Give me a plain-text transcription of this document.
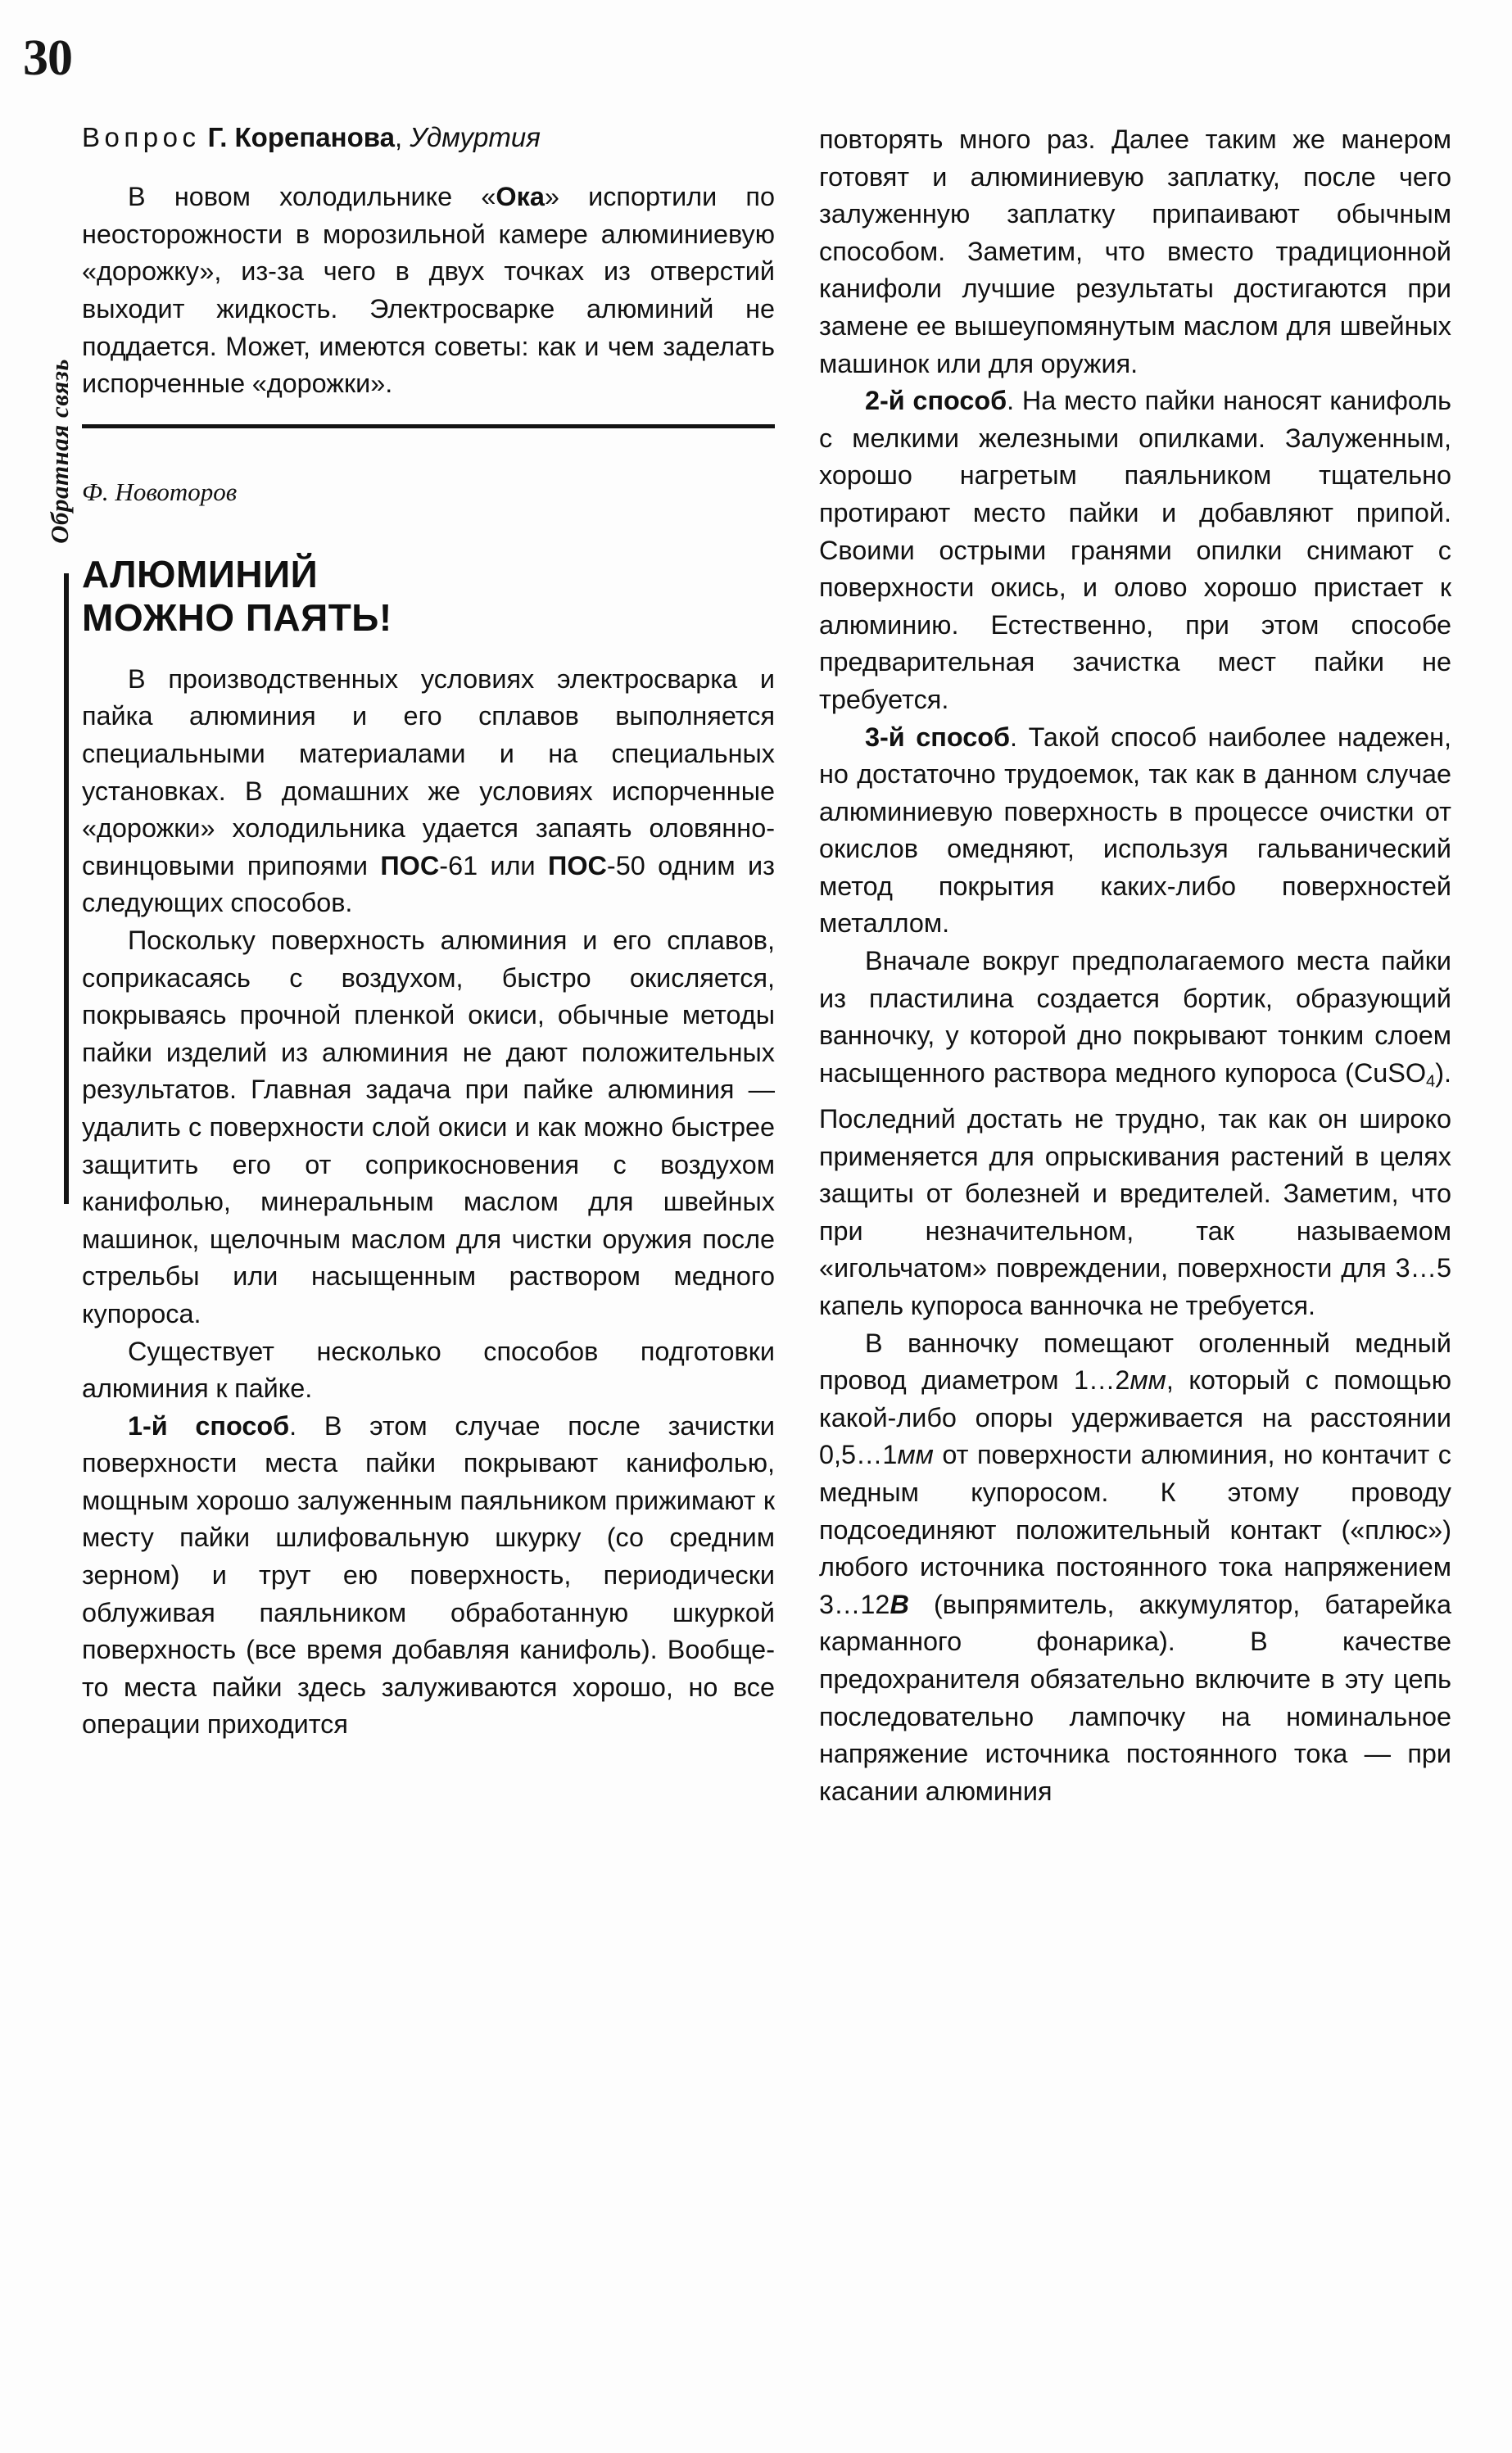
30
Обратная связь
Вопрос Г. Корепанова, Удмуртия

В новом холодильнике «Ока» испортили по неосторожности в морозильной камере алюминиевую «дорожку», из-за чего в двух точках из отверстий выходит жидкость. Электросварке алюминий не поддается. Может, имеются советы: как и чем заделать испорченные «дорожки».

Ф. Новоторов
АЛЮМИНИЙ
МОЖНО ПАЯТЬ!

В производственных условиях электросварка и пайка алюминия и его сплавов выполняется специальными материалами и на специальных установках. В домашних же условиях испорченные «дорожки» холодильника удается запаять оловянно-свинцовыми припоями ПОС-61 или ПОС-50 одним из следующих способов.

Поскольку поверхность алюминия и его сплавов, соприкасаясь с воздухом, быстро окисляется, покрываясь прочной пленкой окиси, обычные методы пайки изделий из алюминия не дают положительных результатов. Главная задача при пайке алюминия — удалить с поверхности слой окиси и как можно быстрее защитить его от соприкосновения с воздухом канифолью, минеральным маслом для швейных машинок, щелочным маслом для чистки оружия после стрельбы или насыщенным раствором медного купороса.

Существует несколько способов подготовки алюминия к пайке.

1-й способ. В этом случае после зачистки поверхности места пайки покрывают канифолью, мощным хорошо залуженным паяльником прижимают к месту пайки шлифовальную шкурку (со средним зерном) и трут ею поверхность, периодически облуживая паяльником обработанную шкуркой поверхность (все время добавляя канифоль). Вообще-то места пайки здесь залуживаются хорошо, но все операции приходится

повторять много раз. Далее таким же манером готовят и алюминиевую заплатку, после чего залуженную заплатку припаивают обычным способом. Заметим, что вместо традиционной канифоли лучшие результаты достигаются при замене ее вышеупомянутым маслом для швейных машинок или для оружия.

2-й способ. На место пайки наносят канифоль с мелкими железными опилками. Залуженным, хорошо нагретым паяльником тщательно протирают место пайки и добавляют припой. Своими острыми гранями опилки снимают с поверхности окись, и олово хорошо пристает к алюминию. Естественно, при этом способе предварительная зачистка мест пайки не требуется.

3-й способ. Такой способ наиболее надежен, но достаточно трудоемок, так как в данном случае алюминиевую поверхность в процессе очистки от окислов омедняют, используя гальванический метод покрытия каких-либо поверхностей металлом.

Вначале вокруг предполагаемого места пайки из пластилина создается бортик, образующий ванночку, у которой дно покрывают тонким слоем насыщенного раствора медного купороса (CuSO$_4$). Последний достать не трудно, так как он широко применяется для опрыскивания растений в целях защиты от болезней и вредителей. Заметим, что при незначительном, так называемом «игольчатом» повреждении, поверхности для 3…5 капель купороса ванночка не требуется.

В ванночку помещают оголенный медный провод диаметром 1…2мм, который с помощью какой-либо опоры удерживается на расстоянии 0,5…1мм от поверхности алюминия, но контачит с медным купоросом. К этому проводу подсоединяют положительный контакт («плюс») любого источника постоянного тока напряжением 3…12В (выпрямитель, аккумулятор, батарейка карманного фонарика). В качестве предохранителя обязательно включите в эту цепь последовательно лампочку на номинальное напряжение источника постоянного тока — при касании алюминия
